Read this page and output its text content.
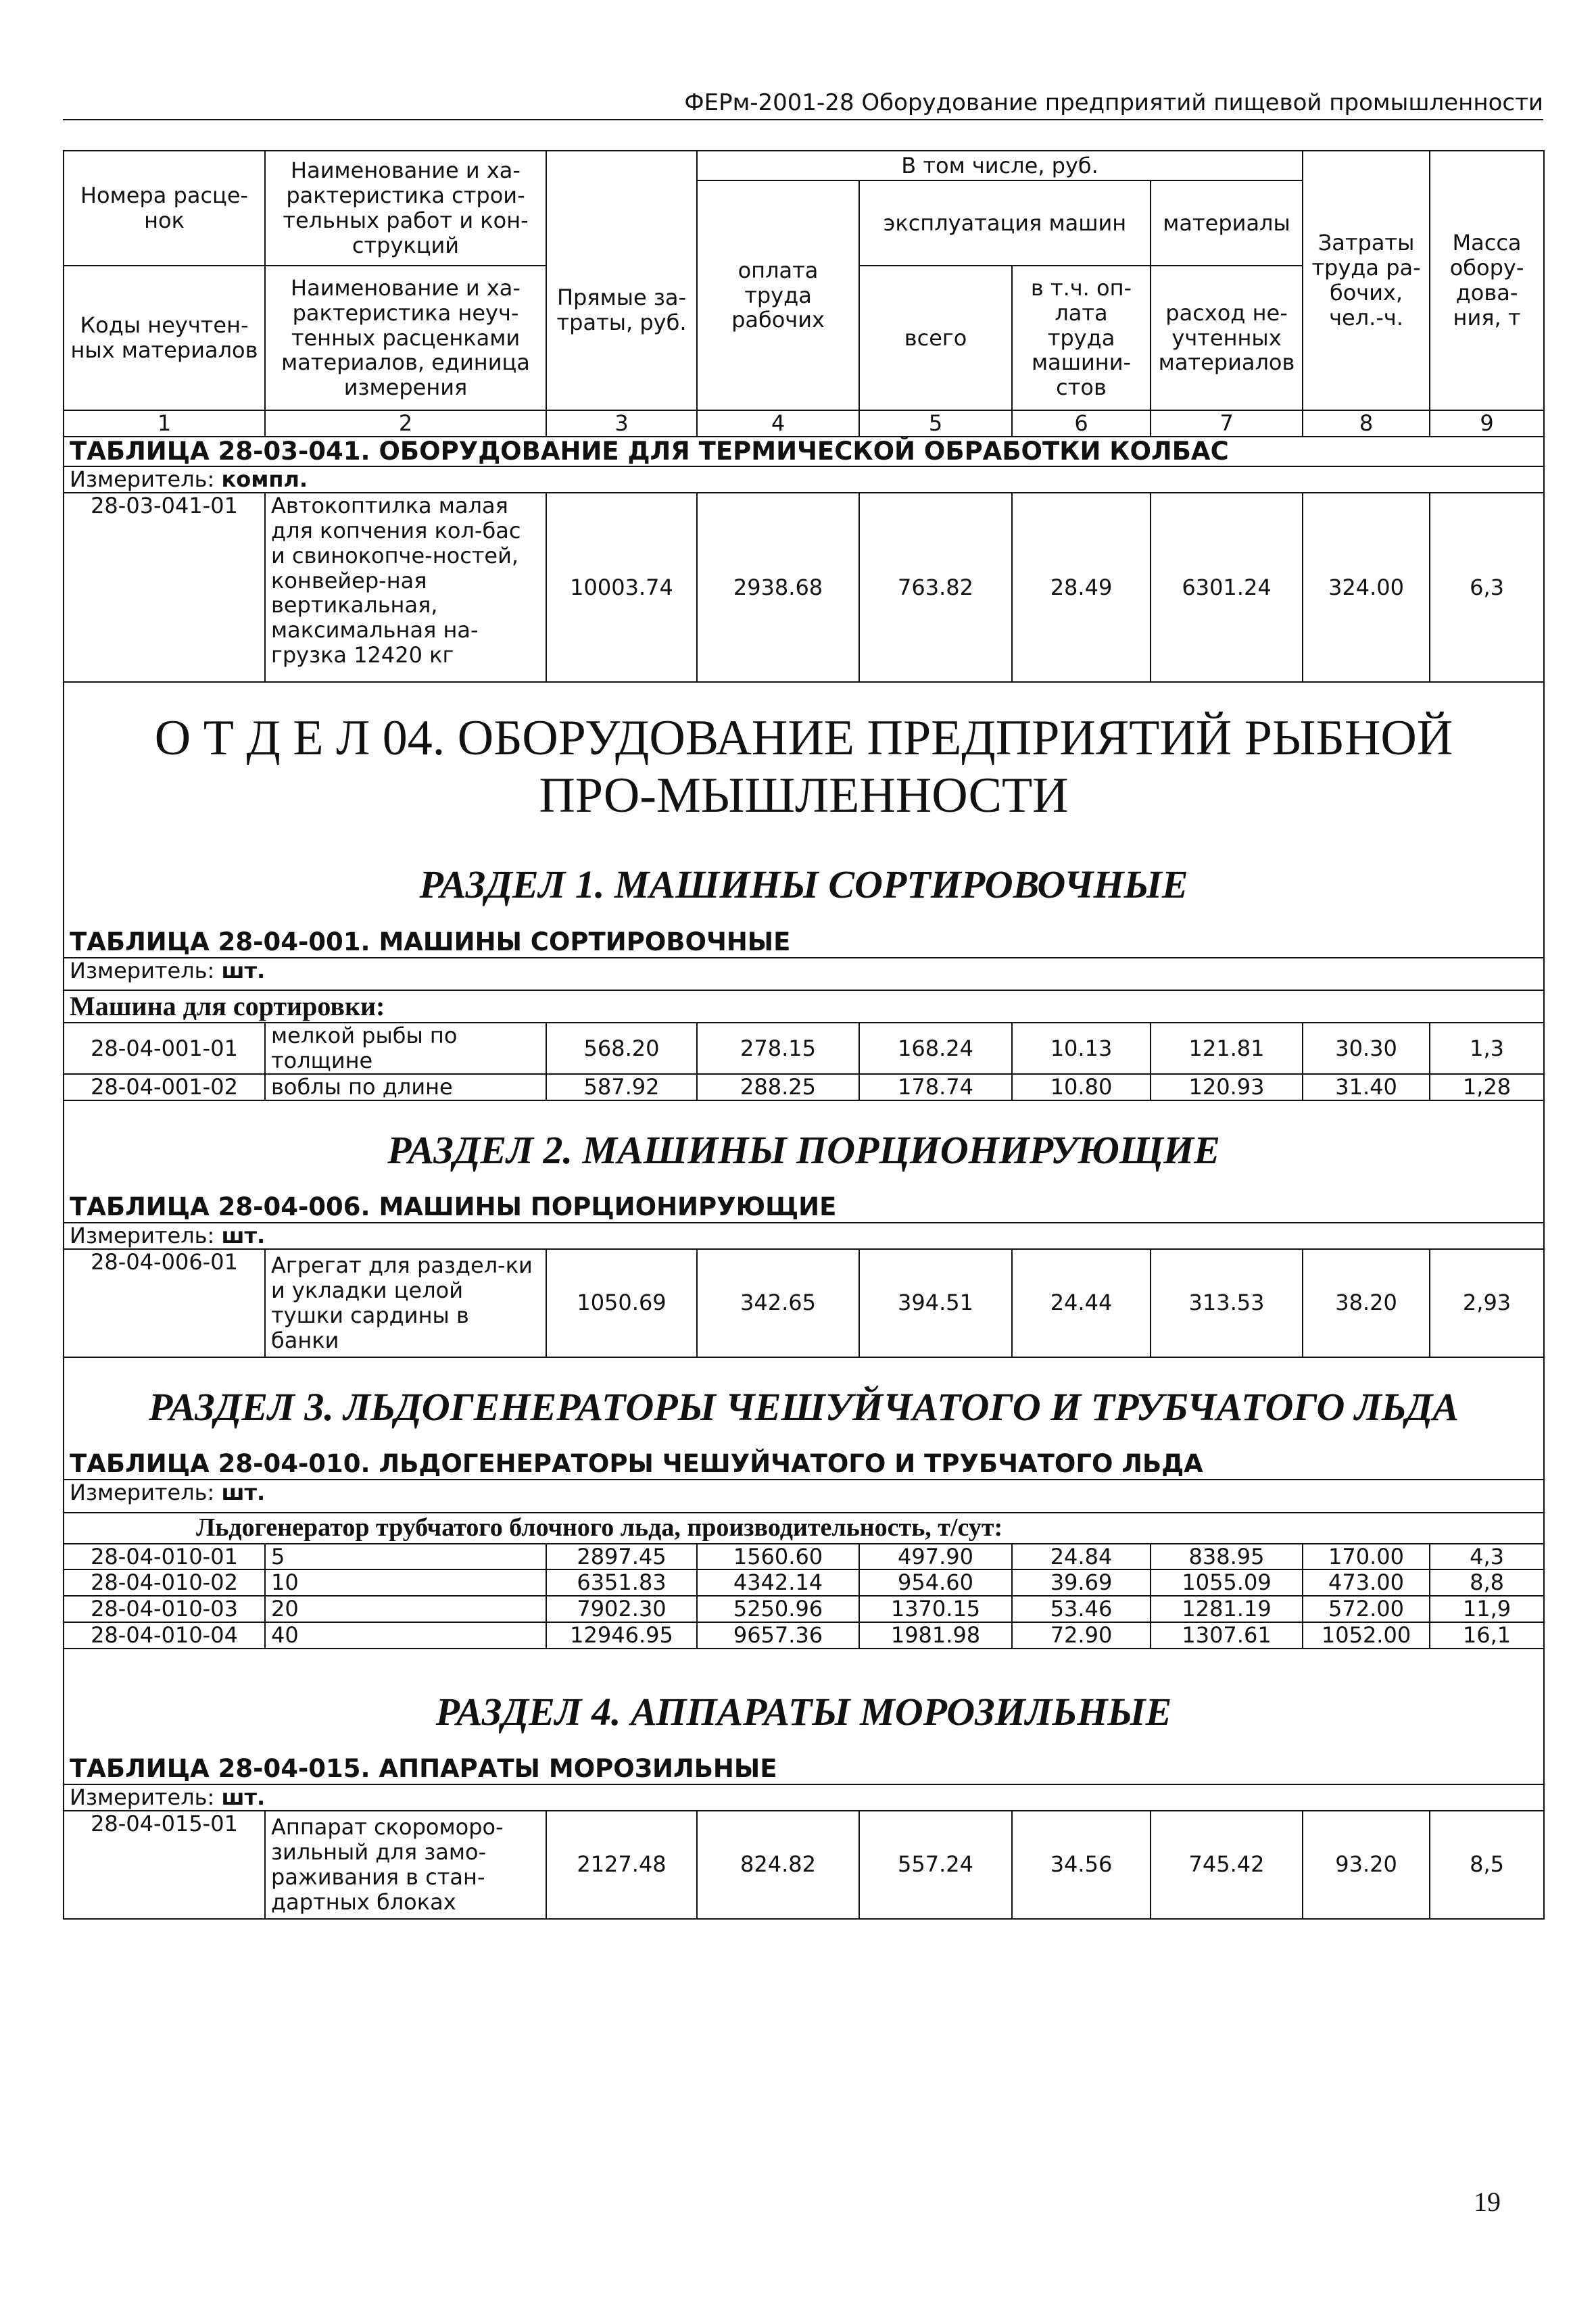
ФЕРм-2001-28 Оборудование предприятий пищевой промышленности
Номера расце-нок	Наименование и ха-рактеристика строи-тельных работ и кон-струкций	Прямые за-траты, руб.	В том числе, руб.				Затраты труда ра-бочих, чел.-ч.	Масса обору-дова-ния, т
			оплата труда рабочих	эксплуатация машин		материалы		
Коды неучтен-ных материалов	Наименование и ха-рактеристика неуч-тенных расценками материалов, единица измерения			всего	в т.ч. оп-лата труда машини-стов	расход не-учтенных материалов		

1	2	3	4	5	6	7	8	9
ТАБЛИЦА 28-03-041. ОБОРУДОВАНИЕ ДЛЯ ТЕРМИЧЕСКОЙ ОБРАБОТКИ КОЛБАС								
Измеритель: компл.								
28-03-041-01	Автокоптилка малая для копчения кол-бас и свинокопче-ностей, конвейер-ная вертикальная, максимальная на-грузка 12420 кг	10003.74	2938.68	763.82	28.49	6301.24	324.00	6,3
О Т Д Е Л 04. ОБОРУДОВАНИЕ ПРЕДПРИЯТИЙ РЫБНОЙ ПРО-МЫШЛЕННОСТИ								
РАЗДЕЛ 1. МАШИНЫ СОРТИРОВОЧНЫЕ								
ТАБЛИЦА 28-04-001. МАШИНЫ СОРТИРОВОЧНЫЕ								
Измеритель: шт.								
Машина для сортировки:								
28-04-001-01	мелкой рыбы по толщине	568.20	278.15	168.24	10.13	121.81	30.30	1,3
28-04-001-02	воблы по длине	587.92	288.25	178.74	10.80	120.93	31.40	1,28
РАЗДЕЛ 2. МАШИНЫ ПОРЦИОНИРУЮЩИЕ								
ТАБЛИЦА 28-04-006. МАШИНЫ ПОРЦИОНИРУЮЩИЕ								
Измеритель: шт.								
28-04-006-01	Агрегат для раздел-ки и укладки целой тушки сардины в банки	1050.69	342.65	394.51	24.44	313.53	38.20	2,93
РАЗДЕЛ 3. ЛЬДОГЕНЕРАТОРЫ ЧЕШУЙЧАТОГО И ТРУБЧАТОГО ЛЬДА								
ТАБЛИЦА 28-04-010. ЛЬДОГЕНЕРАТОРЫ ЧЕШУЙЧАТОГО И ТРУБЧАТОГО ЛЬДА								
Измеритель: шт.								
Льдогенератор трубчатого блочного льда, производительность, т/сут:								
28-04-010-01	5	2897.45	1560.60	497.90	24.84	838.95	170.00	4,3
28-04-010-02	10	6351.83	4342.14	954.60	39.69	1055.09	473.00	8,8
28-04-010-03	20	7902.30	5250.96	1370.15	53.46	1281.19	572.00	11,9
28-04-010-04	40	12946.95	9657.36	1981.98	72.90	1307.61	1052.00	16,1
РАЗДЕЛ 4. АППАРАТЫ МОРОЗИЛЬНЫЕ								
ТАБЛИЦА 28-04-015. АППАРАТЫ МОРОЗИЛЬНЫЕ								
Измеритель: шт.								
28-04-015-01	Аппарат скороморо-зильный для замо-раживания в стан-дартных блоках	2127.48	824.82	557.24	34.56	745.42	93.20	8,5
19
